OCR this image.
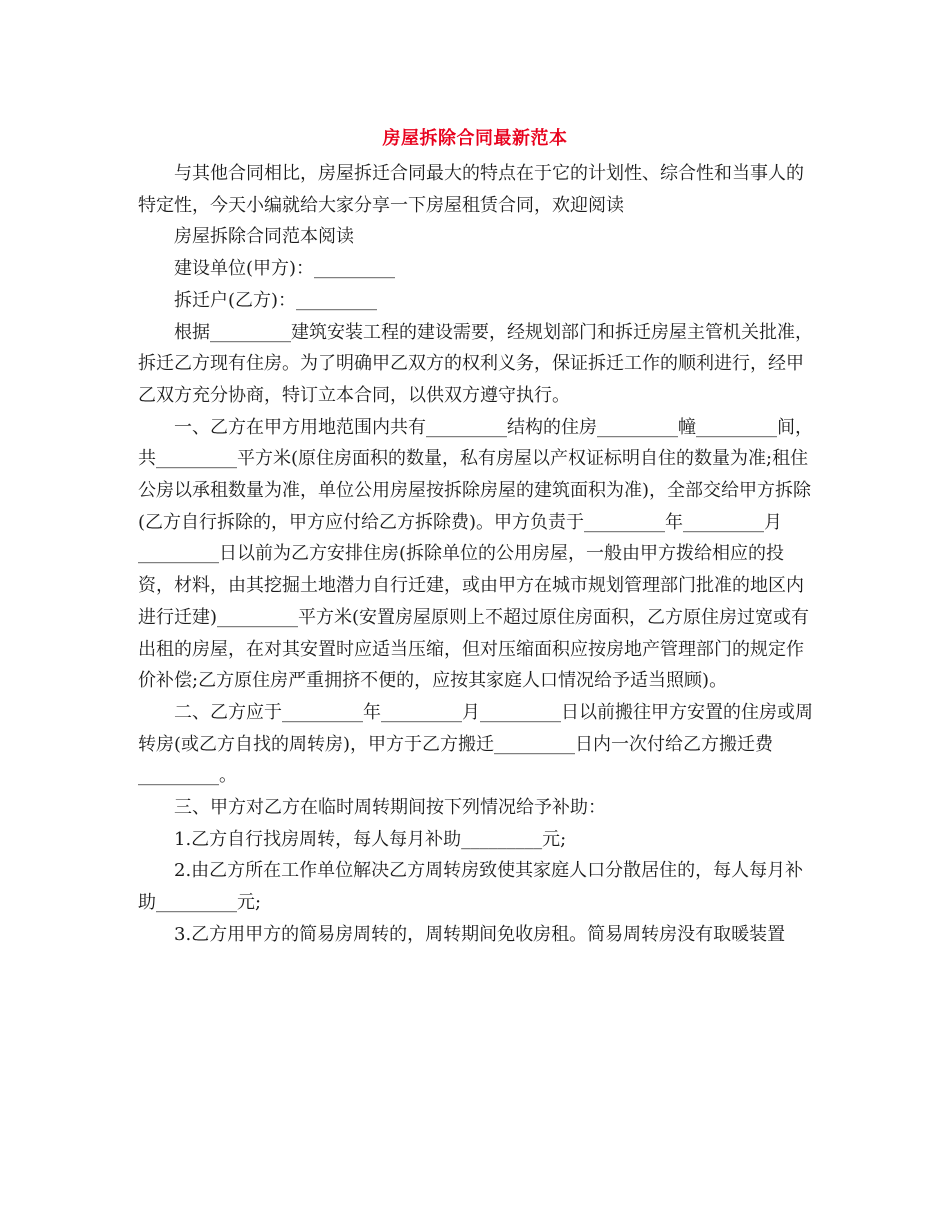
房屋拆除合同最新范本

与其他合同相比，房屋拆迁合同最大的特点在于它的计划性、综合性和当事人的特定性，今天小编就给大家分享一下房屋租赁合同，欢迎阅读

房屋拆除合同范本阅读

建设单位(甲方)：_________

拆迁户(乙方)：_________

根据_________建筑安装工程的建设需要，经规划部门和拆迁房屋主管机关批准，拆迁乙方现有住房。为了明确甲乙双方的权利义务，保证拆迁工作的顺利进行，经甲乙双方充分协商，特订立本合同，以供双方遵守执行。

一、乙方在甲方用地范围内共有_________结构的住房_________幢_________间，共_________平方米(原住房面积的数量，私有房屋以产权证标明自住的数量为准;租住公房以承租数量为准，单位公用房屋按拆除房屋的建筑面积为准)，全部交给甲方拆除(乙方自行拆除的，甲方应付给乙方拆除费)。甲方负责于_________年_________月_________日以前为乙方安排住房(拆除单位的公用房屋，一般由甲方拨给相应的投资，材料，由其挖掘土地潜力自行迁建，或由甲方在城市规划管理部门批准的地区内进行迁建)_________平方米(安置房屋原则上不超过原住房面积，乙方原住房过宽或有出租的房屋，在对其安置时应适当压缩，但对压缩面积应按房地产管理部门的规定作价补偿;乙方原住房严重拥挤不便的，应按其家庭人口情况给予适当照顾)。

二、乙方应于_________年_________月_________日以前搬往甲方安置的住房或周转房(或乙方自找的周转房)，甲方于乙方搬迁_________日内一次付给乙方搬迁费_________。

三、甲方对乙方在临时周转期间按下列情况给予补助：

1.乙方自行找房周转，每人每月补助_________元;

2.由乙方所在工作单位解决乙方周转房致使其家庭人口分散居住的，每人每月补助_________元;

3.乙方用甲方的简易房周转的，周转期间免收房租。简易周转房没有取暖装置
